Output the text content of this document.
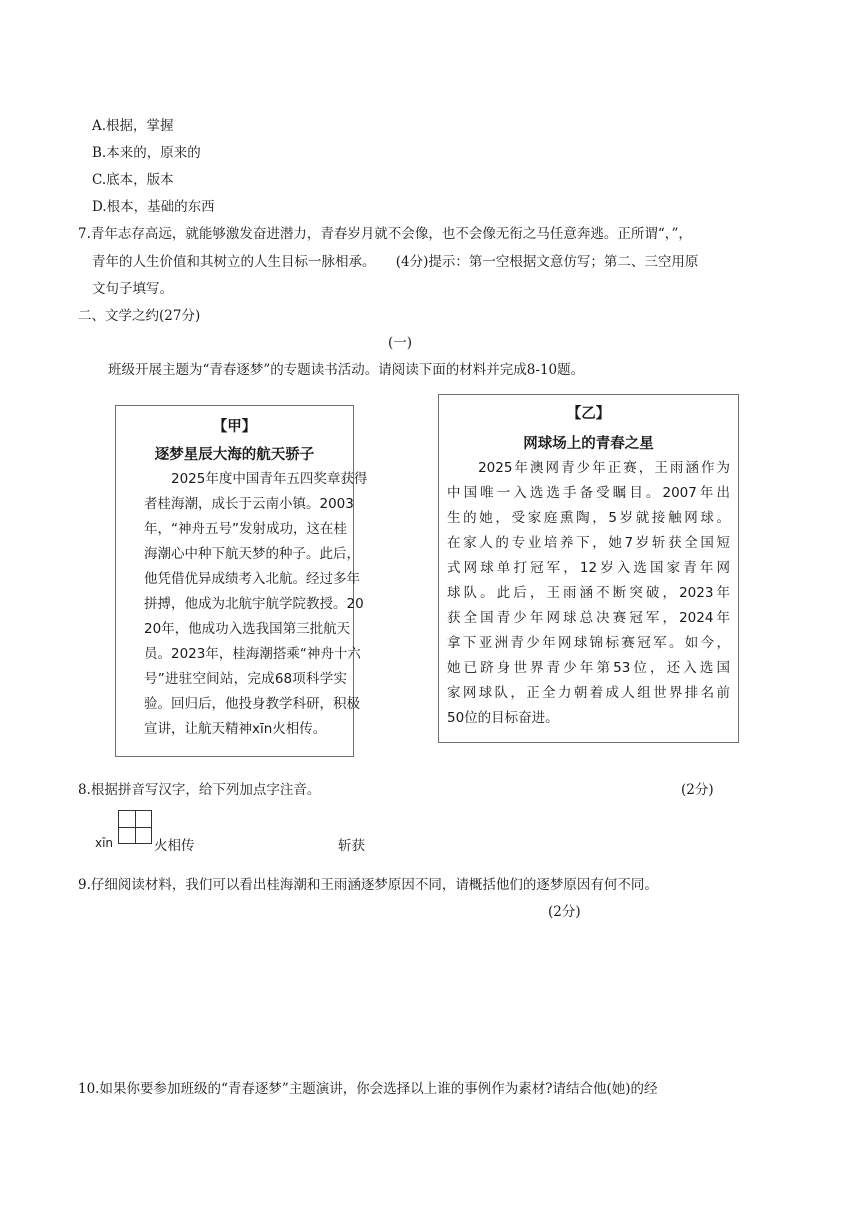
A.根据，掌握
B.本来的，原来的
C.底本，版本
D.根本，基础的东西
7.青年志存高远，就能够激发奋进潜力，青春岁月就不会像，也不会像无衔之马任意奔逃。正所谓“，”，
青年的人生价值和其树立的人生目标一脉相承。　　(4分)提示：第一空根据文意仿写；第二、三空用原
文句子填写。
二、文学之约(27分)
(一)
班级开展主题为“青春逐梦”的专题读书活动。请阅读下面的材料并完成8-10题。
【甲】
逐梦星辰大海的航天骄子
　　2025年度中国青年五四奖章获得
者桂海潮，成长于云南小镇。2003
年，“神舟五号”发射成功，这在桂
海潮心中种下航天梦的种子。此后，
他凭借优异成绩考入北航。经过多年
拼搏，他成为北航宇航学院教授。20
20年，他成功入选我国第三批航天
员。2023年，桂海潮搭乘“神舟十六
号”进驻空间站，完成68项科学实
验。回归后，他投身教学科研，积极
宣讲，让航天精神xīn火相传。
【乙】
网球场上的青春之星
　　2025年澳网青少年正赛，王雨涵作为
中国唯一入选选手备受瞩目。2007年出
生的她，受家庭熏陶，5岁就接触网球。
在家人的专业培养下，她7岁斩获全国短
式网球单打冠军，12岁入选国家青年网
球队。此后，王雨涵不断突破，2023年
获全国青少年网球总决赛冠军，2024年
拿下亚洲青少年网球锦标赛冠军。如今，
她已跻身世界青少年第53位，还入选国
家网球队，正全力朝着成人组世界排名前
50位的目标奋进。
8.根据拼音写汉字，给下列加点字注音。	(2分)
xīn	火相传	斩获
9.仔细阅读材料，我们可以看出桂海潮和王雨涵逐梦原因不同，请概括他们的逐梦原因有何不同。
(2分)
10.如果你要参加班级的“青春逐梦”主题演讲，你会选择以上谁的事例作为素材?请结合他(她)的经
